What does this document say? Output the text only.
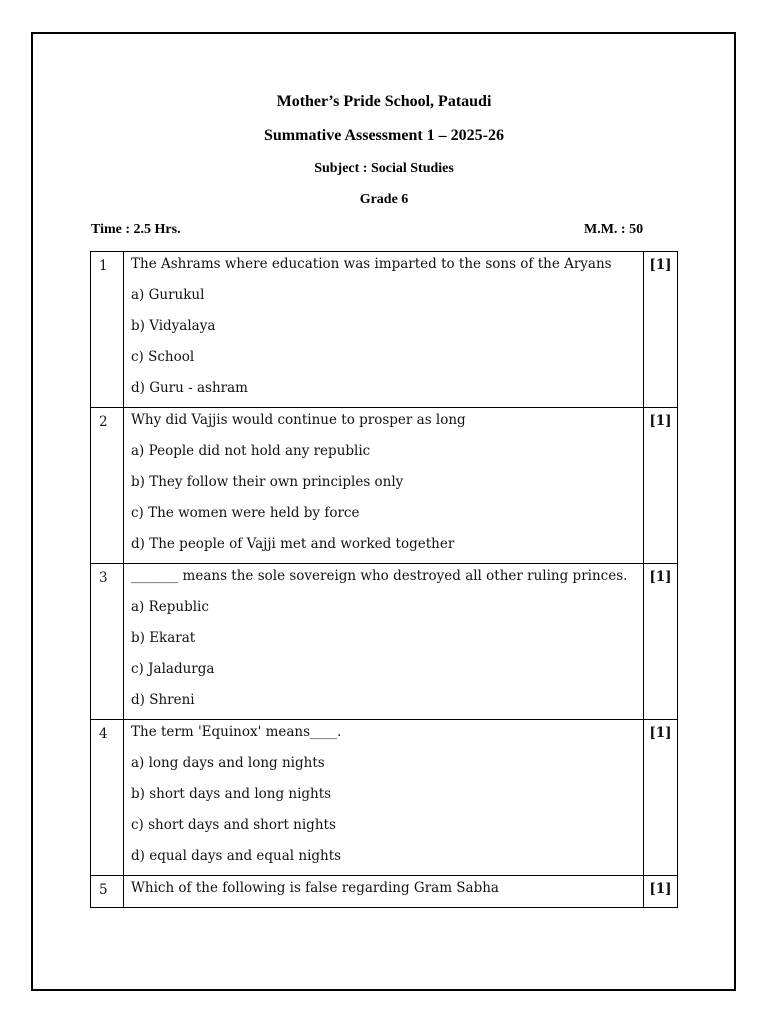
Mother’s Pride School, Pataudi
Summative Assessment 1 – 2025-26
Subject : Social Studies
Grade 6
Time : 2.5 Hrs.	M.M. : 50
1	The Ashrams where education was imparted to the sons of the Aryans
a) Gurukul
b) Vidyalaya
c) School
d) Guru - ashram	[1]
2	Why did Vajjis would continue to prosper as long
a) People did not hold any republic
b) They follow their own principles only
c) The women were held by force
d) The people of Vajji met and worked together	[1]
3	_______ means the sole sovereign who destroyed all other ruling princes.
a) Republic
b) Ekarat
c) Jaladurga
d) Shreni	[1]
4	The term 'Equinox' means____.
a) long days and long nights
b) short days and long nights
c) short days and short nights
d) equal days and equal nights	[1]
5	Which of the following is false regarding Gram Sabha	[1]
